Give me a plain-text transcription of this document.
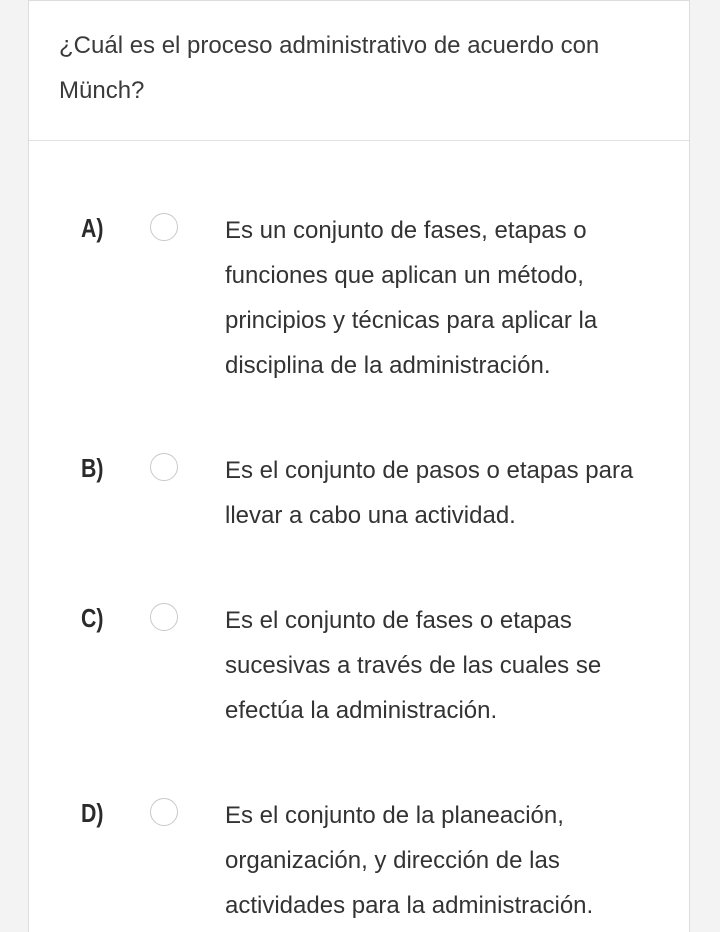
¿Cuál es el proceso administrativo de acuerdo con Münch?
A)	Es un conjunto de fases, etapas o funciones que aplican un método, principios y técnicas para aplicar la disciplina de la administración.
B)	Es el conjunto de pasos o etapas para llevar a cabo una actividad.
C)	Es el conjunto de fases o etapas sucesivas a través de las cuales se efectúa la administración.
D)	Es el conjunto de la planeación, organización, y dirección de las actividades para la administración.
